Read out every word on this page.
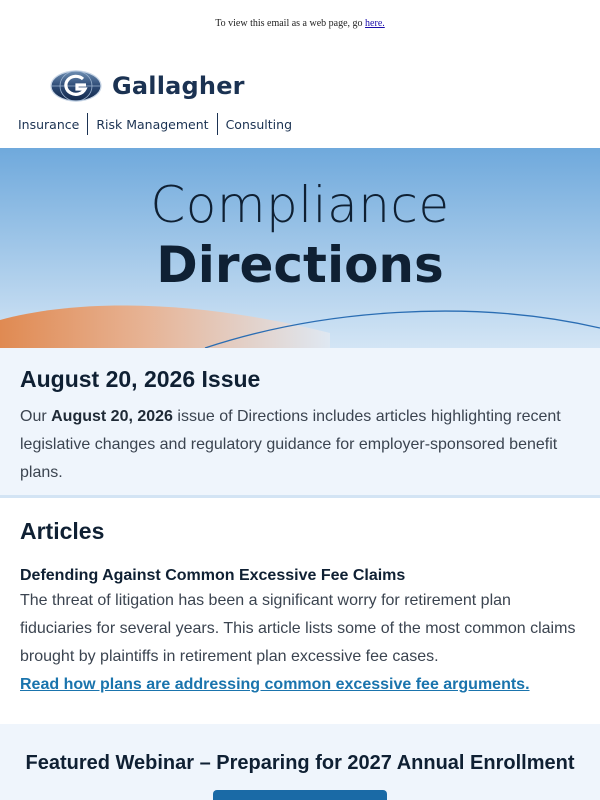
To view this email as a web page, go here.
Gallagher
Insurance Risk Management Consulting
Compliance
Directions
August 20, 2026 Issue

Our August 20, 2026 issue of Directions includes articles highlighting recent legislative changes and regulatory guidance for employer-sponsored benefit plans.

Articles
Defending Against Common Excessive Fee Claims

The threat of litigation has been a significant worry for retirement plan fiduciaries for several years. This article lists some of the most common claims brought by plaintiffs in retirement plan excessive fee cases.

Read how plans are addressing common excessive fee arguments.
Featured Webinar – Preparing for 2027 Annual Enrollment
